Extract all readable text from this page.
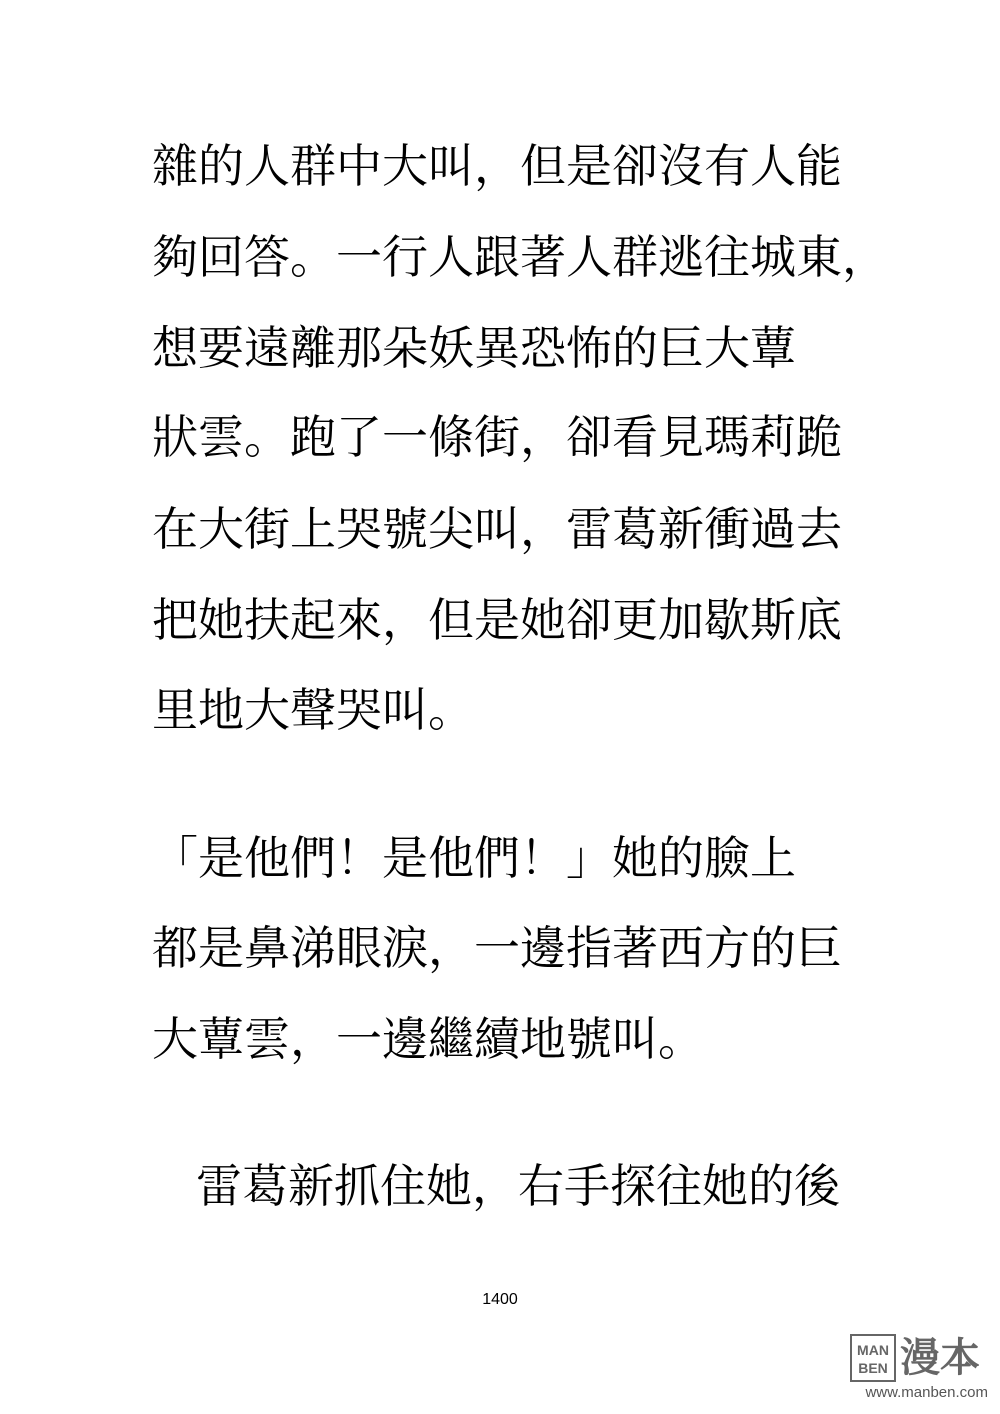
雜的人群中大叫，但是卻沒有人能
夠回答。一行人跟著人群逃往城東，
想要遠離那朵妖異恐怖的巨大蕈
狀雲。跑了一條街，卻看見瑪莉跪
在大街上哭號尖叫，雷葛新衝過去
把她扶起來，但是她卻更加歇斯底
里地大聲哭叫。
「是他們！是他們！」她的臉上
都是鼻涕眼淚，一邊指著西方的巨
大蕈雲，一邊繼續地號叫。
雷葛新抓住她，右手探往她的後
1400
MAN
BEN 漫本
www.manben.com
